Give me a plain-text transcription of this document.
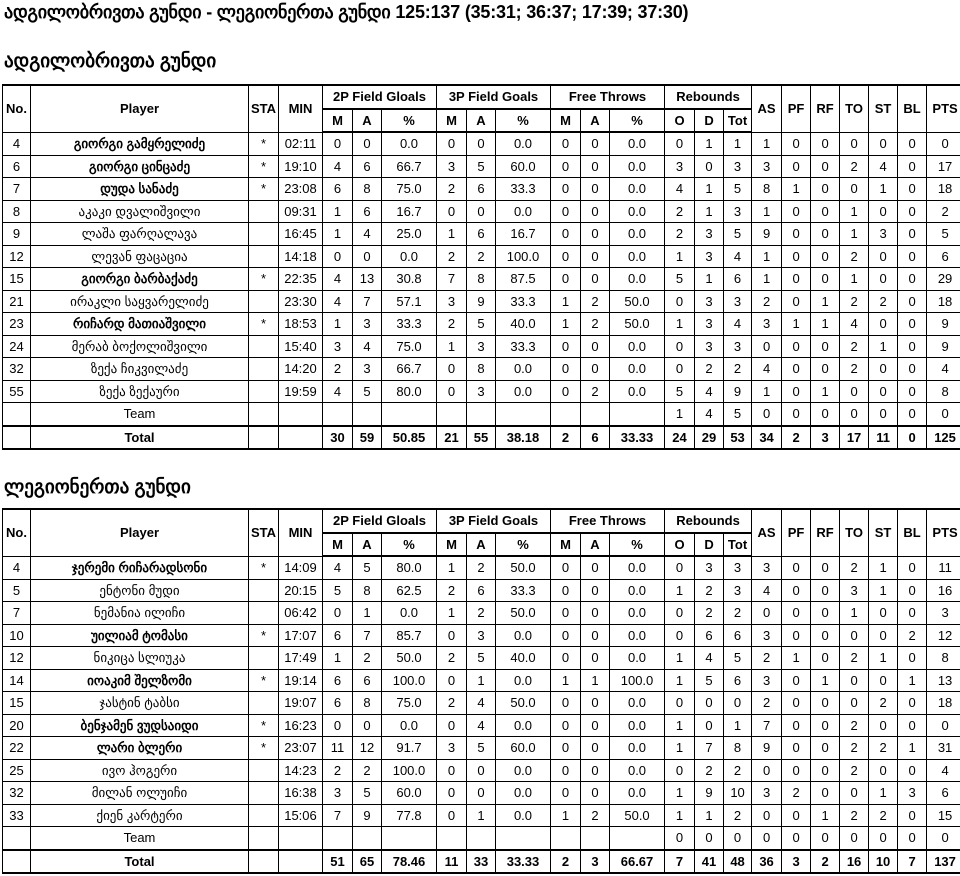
ადგილობრივთა გუნდი - ლეგიონერთა გუნდი 125:137 (35:31; 36:37; 17:39; 37:30)
ადგილობრივთა გუნდი
No.	Player	STA	MIN	2P Field Gloals			3P Field Goals			Free Throws			Rebounds			AS	PF	RF	TO	ST	BL	PTS
				M	A	%	M	A	%	M	A	%	O	D	Tot							
4	გიორგი გამყრელიძე	*	02:11	0	0	0.0	0	0	0.0	0	0	0.0	0	1	1	1	0	0	0	0	0	0
6	გიორგი ცინცაძე	*	19:10	4	6	66.7	3	5	60.0	0	0	0.0	3	0	3	3	0	0	2	4	0	17
7	დუდა სანაძე	*	23:08	6	8	75.0	2	6	33.3	0	0	0.0	4	1	5	8	1	0	0	1	0	18
8	აკაკი დვალიშვილი		09:31	1	6	16.7	0	0	0.0	0	0	0.0	2	1	3	1	0	0	1	0	0	2
9	ლაშა ფარღალავა		16:45	1	4	25.0	1	6	16.7	0	0	0.0	2	3	5	9	0	0	1	3	0	5
12	ლევან ფაცაცია		14:18	0	0	0.0	2	2	100.0	0	0	0.0	1	3	4	1	0	0	2	0	0	6
15	გიორგი ბარბაქაძე	*	22:35	4	13	30.8	7	8	87.5	0	0	0.0	5	1	6	1	0	0	1	0	0	29
21	ირაკლი საყვარელიძე		23:30	4	7	57.1	3	9	33.3	1	2	50.0	0	3	3	2	0	1	2	2	0	18
23	რიჩარდ მათიაშვილი	*	18:53	1	3	33.3	2	5	40.0	1	2	50.0	1	3	4	3	1	1	4	0	0	9
24	მერაბ ბოქოლიშვილი		15:40	3	4	75.0	1	3	33.3	0	0	0.0	0	3	3	0	0	0	2	1	0	9
32	ზექა ჩიკვილაძე		14:20	2	3	66.7	0	8	0.0	0	0	0.0	0	2	2	4	0	0	2	0	0	4
55	ზექა ზექაური		19:59	4	5	80.0	0	3	0.0	0	2	0.0	5	4	9	1	0	1	0	0	0	8
	Team												1	4	5	0	0	0	0	0	0	0
	Total			30	59	50.85	21	55	38.18	2	6	33.33	24	29	53	34	2	3	17	11	0	125
ლეგიონერთა გუნდი
No.	Player	STA	MIN	2P Field Gloals			3P Field Goals			Free Throws			Rebounds			AS	PF	RF	TO	ST	BL	PTS
				M	A	%	M	A	%	M	A	%	O	D	Tot							
4	ჯერემი რიჩარადსონი	*	14:09	4	5	80.0	1	2	50.0	0	0	0.0	0	3	3	3	0	0	2	1	0	11
5	ენტონი მუდი		20:15	5	8	62.5	2	6	33.3	0	0	0.0	1	2	3	4	0	0	3	1	0	16
7	ნემანია ილიჩი		06:42	0	1	0.0	1	2	50.0	0	0	0.0	0	2	2	0	0	0	1	0	0	3
10	უილიამ ტომასი	*	17:07	6	7	85.7	0	3	0.0	0	0	0.0	0	6	6	3	0	0	0	0	2	12
12	ნიკიცა სლიუკა		17:49	1	2	50.0	2	5	40.0	0	0	0.0	1	4	5	2	1	0	2	1	0	8
14	იოაკიმ შელზომი	*	19:14	6	6	100.0	0	1	0.0	1	1	100.0	1	5	6	3	0	1	0	0	1	13
15	ჯასტინ ტაბსი		19:07	6	8	75.0	2	4	50.0	0	0	0.0	0	0	0	2	0	0	0	2	0	18
20	ბენჯამენ ვუდსაიდი	*	16:23	0	0	0.0	0	4	0.0	0	0	0.0	1	0	1	7	0	0	2	0	0	0
22	ლარი ბლერი	*	23:07	11	12	91.7	3	5	60.0	0	0	0.0	1	7	8	9	0	0	2	2	1	31
25	ივო ჰოგერი		14:23	2	2	100.0	0	0	0.0	0	0	0.0	0	2	2	0	0	0	2	0	0	4
32	მილან ოლუიჩი		16:38	3	5	60.0	0	0	0.0	0	0	0.0	1	9	10	3	2	0	0	1	3	6
33	ქიენ კარტერი		15:06	7	9	77.8	0	1	0.0	1	2	50.0	1	1	2	0	0	1	2	2	0	15
	Team												0	0	0	0	0	0	0	0	0	0
	Total			51	65	78.46	11	33	33.33	2	3	66.67	7	41	48	36	3	2	16	10	7	137
